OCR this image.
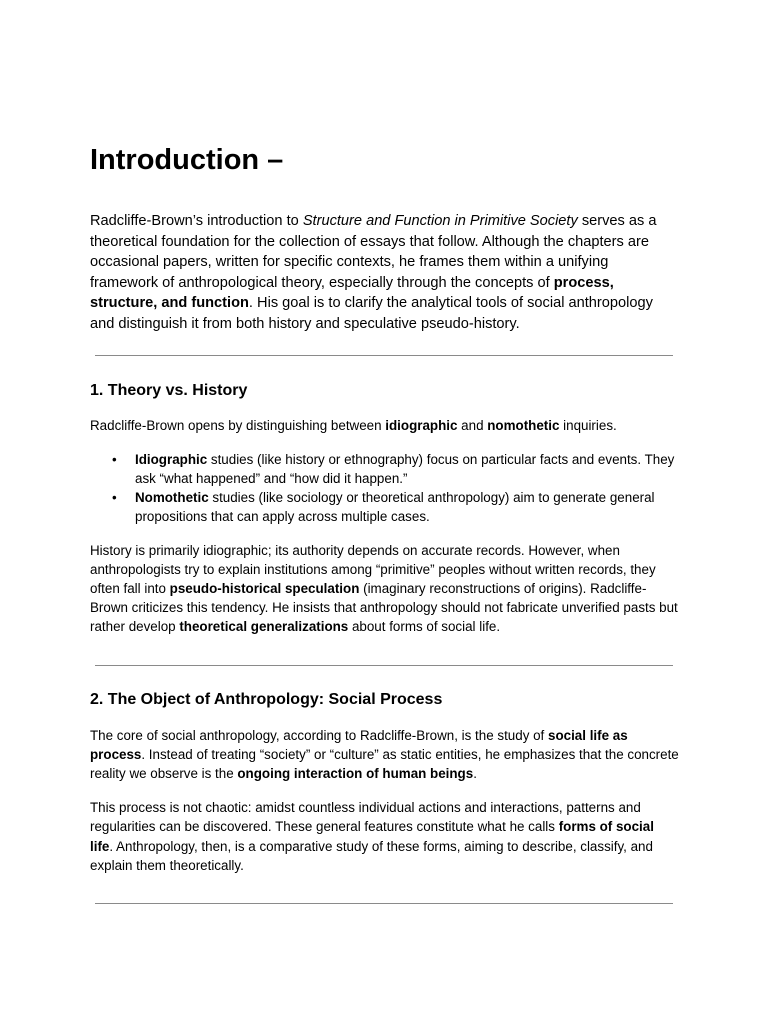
Introduction –

Radcliffe-Brown’s introduction to Structure and Function in Primitive Society serves as a theoretical foundation for the collection of essays that follow. Although the chapters are occasional papers, written for specific contexts, he frames them within a unifying framework of anthropological theory, especially through the concepts of process, structure, and function. His goal is to clarify the analytical tools of social anthropology and distinguish it from both history and speculative pseudo-history.

1. Theory vs. History

Radcliffe-Brown opens by distinguishing between idiographic and nomothetic inquiries.

• Idiographic studies (like history or ethnography) focus on particular facts and events. They ask “what happened” and “how did it happen.”
• Nomothetic studies (like sociology or theoretical anthropology) aim to generate general propositions that can apply across multiple cases.

History is primarily idiographic; its authority depends on accurate records. However, when anthropologists try to explain institutions among “primitive” peoples without written records, they often fall into pseudo-historical speculation (imaginary reconstructions of origins). Radcliffe-Brown criticizes this tendency. He insists that anthropology should not fabricate unverified pasts but rather develop theoretical generalizations about forms of social life.

2. The Object of Anthropology: Social Process

The core of social anthropology, according to Radcliffe-Brown, is the study of social life as process. Instead of treating “society” or “culture” as static entities, he emphasizes that the concrete reality we observe is the ongoing interaction of human beings.

This process is not chaotic: amidst countless individual actions and interactions, patterns and regularities can be discovered. These general features constitute what he calls forms of social life. Anthropology, then, is a comparative study of these forms, aiming to describe, classify, and explain them theoretically.
